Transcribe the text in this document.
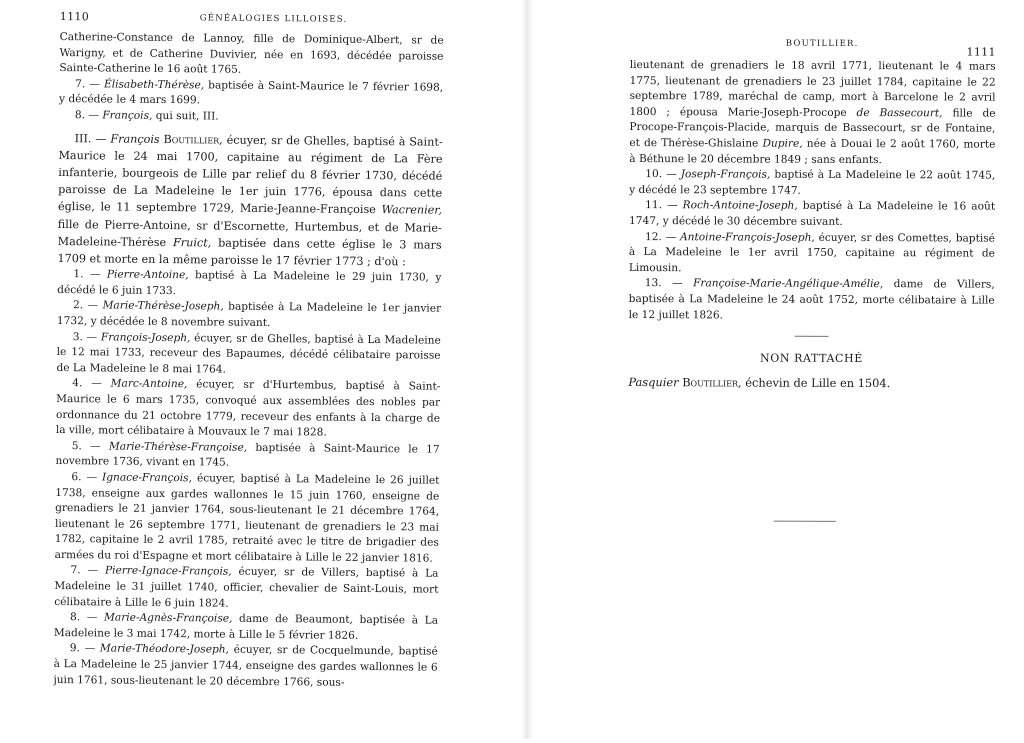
1110	GÉNÉALOGIES LILLOISES.

Catherine-Constance de Lannoy, fille de Dominique-Albert, sr de Warigny, et de Catherine Duvivier, née en 1693, décédée paroisse Sainte-Catherine le 16 août 1765.

7. — Élisabeth-Thérèse, baptisée à Saint-Maurice le 7 février 1698, y décédée le 4 mars 1699.

8. — François, qui suit, III.

III. — François Boutillier, écuyer, sr de Ghelles, baptisé à Saint-Maurice le 24 mai 1700, capitaine au régiment de La Fère infanterie, bourgeois de Lille par relief du 8 février 1730, décédé paroisse de La Madeleine le 1er juin 1776, épousa dans cette église, le 11 septembre 1729, Marie-Jeanne-Françoise Wacrenier, fille de Pierre-Antoine, sr d'Escornette, Hurtembus, et de Marie-Madeleine-Thérèse Fruict, baptisée dans cette église le 3 mars 1709 et morte en la même paroisse le 17 février 1773 ; d'où :

1. — Pierre-Antoine, baptisé à La Madeleine le 29 juin 1730, y décédé le 6 juin 1733.

2. — Marie-Thérèse-Joseph, baptisée à La Madeleine le 1er janvier 1732, y décédée le 8 novembre suivant.

3. — François-Joseph, écuyer, sr de Ghelles, baptisé à La Madeleine le 12 mai 1733, receveur des Bapaumes, décédé célibataire paroisse de La Madeleine le 8 mai 1764.

4. — Marc-Antoine, écuyer, sr d'Hurtembus, baptisé à Saint-Maurice le 6 mars 1735, convoqué aux assemblées des nobles par ordonnance du 21 octobre 1779, receveur des enfants à la charge de la ville, mort célibataire à Mouvaux le 7 mai 1828.

5. — Marie-Thérèse-Françoise, baptisée à Saint-Maurice le 17 novembre 1736, vivant en 1745.

6. — Ignace-François, écuyer, baptisé à La Madeleine le 26 juillet 1738, enseigne aux gardes wallonnes le 15 juin 1760, enseigne de grenadiers le 21 janvier 1764, sous-lieutenant le 21 décembre 1764, lieutenant le 26 septembre 1771, lieutenant de grenadiers le 23 mai 1782, capitaine le 2 avril 1785, retraité avec le titre de brigadier des armées du roi d'Espagne et mort célibataire à Lille le 22 janvier 1816.

7. — Pierre-Ignace-François, écuyer, sr de Villers, baptisé à La Madeleine le 31 juillet 1740, officier, chevalier de Saint-Louis, mort célibataire à Lille le 6 juin 1824.

8. — Marie-Agnès-Françoise, dame de Beaumont, baptisée à La Madeleine le 3 mai 1742, morte à Lille le 5 février 1826.

9. — Marie-Théodore-Joseph, écuyer, sr de Cocquelmunde, baptisé à La Madeleine le 25 janvier 1744, enseigne des gardes wallonnes le 6 juin 1761, sous-lieutenant le 20 décembre 1766, sous-

BOUTILLIER.
1111

lieutenant de grenadiers le 18 avril 1771, lieutenant le 4 mars 1775, lieutenant de grenadiers le 23 juillet 1784, capitaine le 22 septembre 1789, maréchal de camp, mort à Barcelone le 2 avril 1800 ; épousa Marie-Joseph-Procope de Bassecourt, fille de Procope-François-Placide, marquis de Bassecourt, sr de Fontaine, et de Thérèse-Ghislaine Dupire, née à Douai le 2 août 1760, morte à Béthune le 20 décembre 1849 ; sans enfants.

10. — Joseph-François, baptisé à La Madeleine le 22 août 1745, y décédé le 23 septembre 1747.

11. — Roch-Antoine-Joseph, baptisé à La Madeleine le 16 août 1747, y décédé le 30 décembre suivant.

12. — Antoine-François-Joseph, écuyer, sr des Comettes, baptisé à La Madeleine le 1er avril 1750, capitaine au régiment de Limousin.

13. — Françoise-Marie-Angélique-Amélie, dame de Villers, baptisée à La Madeleine le 24 août 1752, morte célibataire à Lille le 12 juillet 1826.

NON RATTACHÉ

Pasquier Boutillier, échevin de Lille en 1504.
